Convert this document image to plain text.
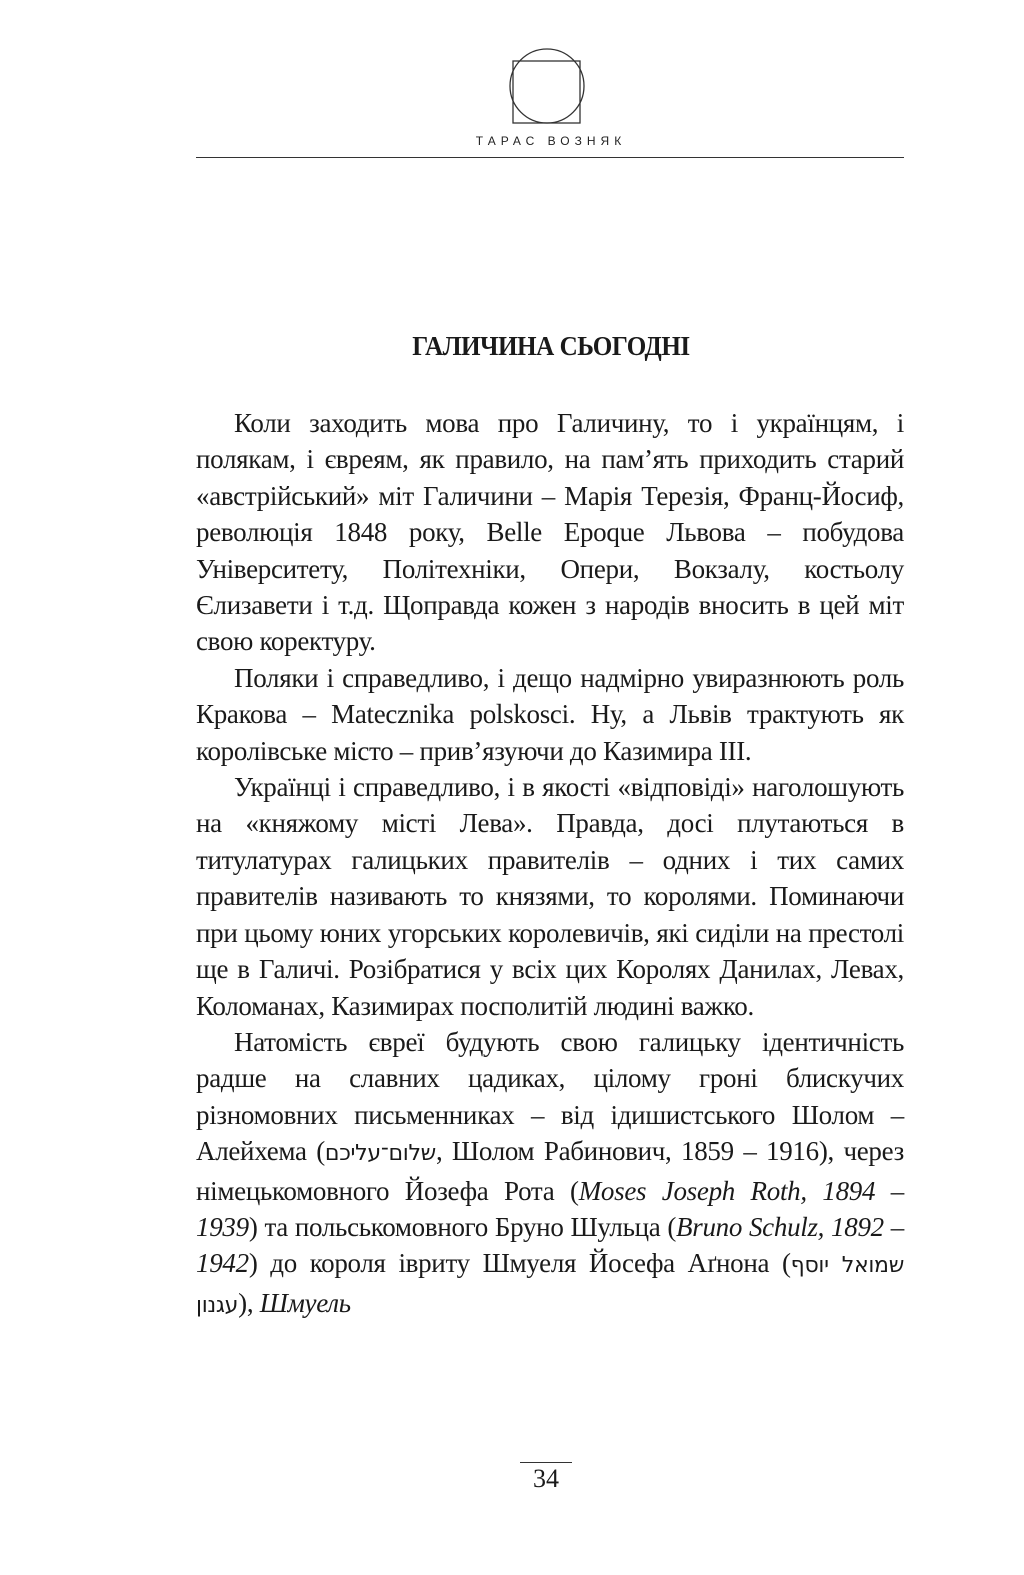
ТАРАС ВОЗНЯК
ГАЛИЧИНА СЬОГОДНІ

Коли заходить мова про Галичину, то і українцям, і полякам, і євреям, як правило, на пам’ять приходить старий «австрійський» міт Галичини – Марія Терезія, Франц-Йосиф, революція 1848 року, Belle Epoque Львова – побудова Університету, Політехніки, Опери, Вокзалу, костьолу Єлизавети і т.д. Щоправда кожен з народів вносить в цей міт свою коректуру.

Поляки і справедливо, і дещо надмірно увиразнюють роль Кракова – Matecznika polskosci. Ну, а Львів трактують як королівське місто – прив’язуючи до Казимира ІІІ.

Українці і справедливо, і в якості «відповіді» наголошують на «княжому місті Лева». Правда, досі плутаються в титулатурах галицьких правителів – одних і тих самих правителів називають то князями, то королями. Поминаючи при цьому юних угорських королевичів, які сиділи на престолі ще в Галичі. Розібратися у всіх цих Королях Данилах, Левах, Коломанах, Казимирах посполитій людині важко.

Натомість євреї будують свою галицьку ідентичність радше на славних цадиках, цілому гроні блискучих різномовних письменниках – від ідишистського Шолом – Алейхема (שלום־עליכם, Шолом Рабинович, 1859 – 1916), через німецькомовного Йозефа Рота (Moses Joseph Roth, 1894 – 1939) та польськомовного Бруно Шульца (Bruno Schulz, 1892 – 1942) до короля івриту Шмуеля Йосефа Аґнона (שמואל יוסף עגנון), Шмуель

34
